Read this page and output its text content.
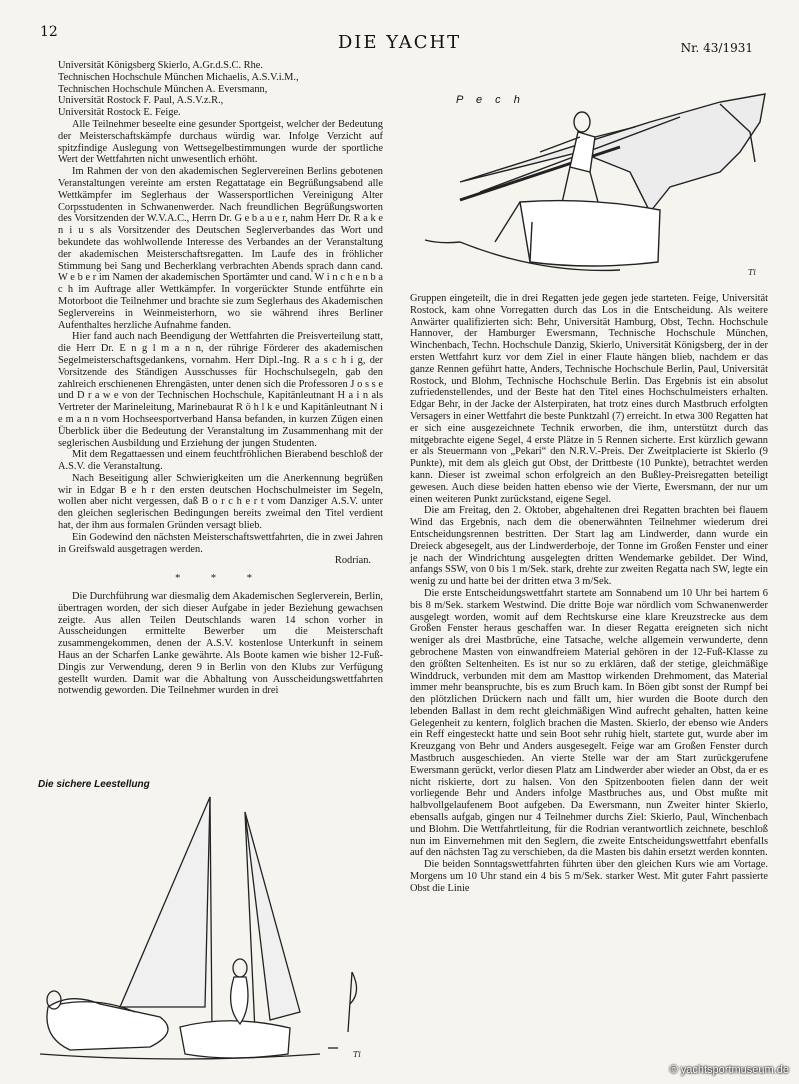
12	DIE YACHT	Nr. 43/1931

Universität Königsberg Skierlo, A.Gr.d.S.C. Rhe.

Technischen Hochschule München Michaelis, A.S.V.i.M.,

Technischen Hochschule München A. Eversmann,

Universität Rostock F. Paul, A.S.V.z.R.,

Universität Rostock E. Feige.

Alle Teilnehmer beseelte eine gesunder Sportgeist, welcher der Bedeutung der Meisterschaftskämpfe durchaus würdig war. Infolge Verzicht auf spitzfindige Auslegung von Wettsegelbestimmungen wurde der sportliche Wert der Wettfahrten nicht unwesentlich erhöht.

Im Rahmen der von den akademischen Seglervereinen Berlins gebotenen Veranstaltungen vereinte am ersten Regattatage ein Begrüßungsabend alle Wettkämpfer im Seglerhaus der Wassersportlichen Vereinigung Alter Corpsstudenten in Schwanenwerder. Nach freundlichen Begrüßungsworten des Vorsitzenden der W.V.A.C., Herrn Dr. G e b a u e r, nahm Herr Dr. R a k e n i u s als Vorsitzender des Deutschen Seglerverbandes das Wort und bekundete das wohlwollende Interesse des Verbandes an der Veranstaltung der akademischen Meisterschaftsregatten. Im Laufe des in fröhlicher Stimmung bei Sang und Becherklang verbrachten Abends sprach dann cand. W e b e r im Namen der akademischen Sportämter und cand. W i n c h e n b a c h im Auftrage aller Wettkämpfer. In vorgerückter Stunde entführte ein Motorboot die Teilnehmer und brachte sie zum Seglerhaus des Akademischen Seglervereins in Weinmeisterhorn, wo sie während ihres Berliner Aufenthaltes herzliche Aufnahme fanden.

Hier fand auch nach Beendigung der Wettfahrten die Preisverteilung statt, die Herr Dr. E n g l m a n n, der rührige Förderer des akademischen Segelmeisterschaftsgedankens, vornahm. Herr Dipl.-Ing. R a s c h i g, der Vorsitzende des Ständigen Ausschusses für Hochschulsegeln, gab den zahlreich erschienenen Ehrengästen, unter denen sich die Professoren J o s s e und D r a w e von der Technischen Hochschule, Kapitänleutnant H a i n als Vertreter der Marineleitung, Marinebaurat R ö h l k e und Kapitänleutnant N i e m a n n vom Hochseesportverband Hansa befanden, in kurzen Zügen einen Überblick über die Bedeutung der Veranstaltung im Zusammenhang mit der seglerischen Ausbildung und Erziehung der jungen Studenten.

Mit dem Regattaessen und einem feuchtfröhlichen Bierabend beschloß der A.S.V. die Veranstaltung.

Nach Beseitigung aller Schwierigkeiten um die Anerkennung begrüßen wir in Edgar B e h r den ersten deutschen Hochschulmeister im Segeln, wollen aber nicht vergessen, daß B o r c h e r t vom Danziger A.S.V. unter den gleichen seglerischen Bedingungen bereits zweimal den Titel verdient hat, der ihm aus formalen Gründen versagt blieb.

Ein Godewind den nächsten Meisterschaftswettfahrten, die in zwei Jahren in Greifswald ausgetragen werden.

Rodrian.

* * *

Die Durchführung war diesmalig dem Akademischen Seglerverein, Berlin, übertragen worden, der sich dieser Aufgabe in jeder Beziehung gewachsen zeigte. Aus allen Teilen Deutschlands waren 14 schon vorher in Ausscheidungen ermittelte Bewerber um die Meisterschaft zusammengekommen, denen der A.S.V. kostenlose Unterkunft in seinem Haus an der Scharfen Lanke gewährte. Als Boote kamen wie bisher 12-Fuß-Dingis zur Verwendung, deren 9 in Berlin von den Klubs zur Verfügung gestellt wurden. Damit war die Abhaltung von Ausscheidungswettfahrten notwendig geworden. Die Teilnehmer wurden in drei

P e c h
Ti

Gruppen eingeteilt, die in drei Regatten jede gegen jede starteten. Feige, Universität Rostock, kam ohne Vorregatten durch das Los in die Entscheidung. Als weitere Anwärter qualifizierten sich: Behr, Universität Hamburg, Obst, Techn. Hochschule Hannover, der Hamburger Ewersmann, Technische Hochschule München, Winchenbach, Techn. Hochschule Danzig, Skierlo, Universität Königsberg, der in der ersten Wettfahrt kurz vor dem Ziel in einer Flaute hängen blieb, nachdem er das ganze Rennen geführt hatte, Anders, Technische Hochschule Berlin, Paul, Universität Rostock, und Blohm, Technische Hochschule Berlin. Das Ergebnis ist ein absolut zufriedenstellendes, und der Beste hat den Titel eines Hochschulmeisters erhalten. Edgar Behr, in der Jacke der Alsterpiraten, hat trotz eines durch Mastbruch erfolgten Versagers in einer Wettfahrt die beste Punktzahl (7) erreicht. In etwa 300 Regatten hat er sich eine ausgezeichnete Technik erworben, die ihm, unterstützt durch das mitgebrachte eigene Segel, 4 erste Plätze in 5 Rennen sicherte. Erst kürzlich gewann er als Steuermann von „Pekari“ den N.R.V.-Preis. Der Zweitplacierte ist Skierlo (9 Punkte), mit dem als gleich gut Obst, der Drittbeste (10 Punkte), betrachtet werden kann. Dieser ist zweimal schon erfolgreich an den Bußley-Preisregatten beteiligt gewesen. Auch diese beiden hatten ebenso wie der Vierte, Ewersmann, der nur um einen weiteren Punkt zurückstand, eigene Segel.

Die am Freitag, den 2. Oktober, abgehaltenen drei Regatten brachten bei flauem Wind das Ergebnis, nach dem die obenerwähnten Teilnehmer wiederum drei Entscheidungsrennen bestritten. Der Start lag am Lindwerder, dann wurde ein Dreieck abgesegelt, aus der Lindwerderboje, der Tonne im Großen Fenster und einer je nach der Windrichtung ausgelegten dritten Wendemarke gebildet. Der Wind, anfangs SSW, von 0 bis 1 m/Sek. stark, drehte zur zweiten Regatta nach SW, legte ein wenig zu und hatte bei der dritten etwa 3 m/Sek.

Die erste Entscheidungswettfahrt startete am Sonnabend um 10 Uhr bei hartem 6 bis 8 m/Sek. starkem Westwind. Die dritte Boje war nördlich vom Schwanenwerder ausgelegt worden, womit auf dem Rechtskurse eine klare Kreuzstrecke aus dem Großen Fenster heraus geschaffen war. In dieser Regatta ereigneten sich nicht weniger als drei Mastbrüche, eine Tatsache, welche allgemein verwunderte, denn gebrochene Masten von einwandfreiem Material gehören in der 12-Fuß-Klasse zu den größten Seltenheiten. Es ist nur so zu erklären, daß der stetige, gleichmäßige Winddruck, verbunden mit dem am Masttop wirkenden Drehmoment, das Material immer mehr beanspruchte, bis es zum Bruch kam. In Böen gibt sonst der Rumpf bei den plötzlichen Drückern nach und fällt um, hier wurden die Boote durch den lebenden Ballast in dem recht gleichmäßigen Wind aufrecht gehalten, hatten keine Gelegenheit zu kentern, folglich brachen die Masten. Skierlo, der ebenso wie Anders ein Reff eingesteckt hatte und sein Boot sehr ruhig hielt, startete gut, wurde aber im Kreuzgang von Behr und Anders ausgesegelt. Feige war am Großen Fenster durch Mastbruch ausgeschieden. An vierte Stelle war der am Start zurückgerufene Ewersmann gerückt, verlor diesen Platz am Lindwerder aber wieder an Obst, da er es nicht riskierte, dort zu halsen. Von den Spitzenbooten fielen dann der weit vorliegende Behr und Anders infolge Mastbruches aus, und Obst mußte mit halbvollgelaufenem Boot aufgeben. Da Ewersmann, nun Zweiter hinter Skierlo, ebensalls aufgab, gingen nur 4 Teilnehmer durchs Ziel: Skierlo, Paul, Winchenbach und Blohm. Die Wettfahrtleitung, für die Rodrian verantwortlich zeichnete, beschloß nun im Einvernehmen mit den Seglern, die zweite Entscheidungswettfahrt ebenfalls auf den nächsten Tag zu verschieben, da die Masten bis dahin ersetzt werden konnten.

Die beiden Sonntagswettfahrten führten über den gleichen Kurs wie am Vortage. Morgens um 10 Uhr stand ein 4 bis 5 m/Sek. starker West. Mit guter Fahrt passierte Obst die Linie

Die sichere Leestellung
Ti
© yachtsportmuseum.de
